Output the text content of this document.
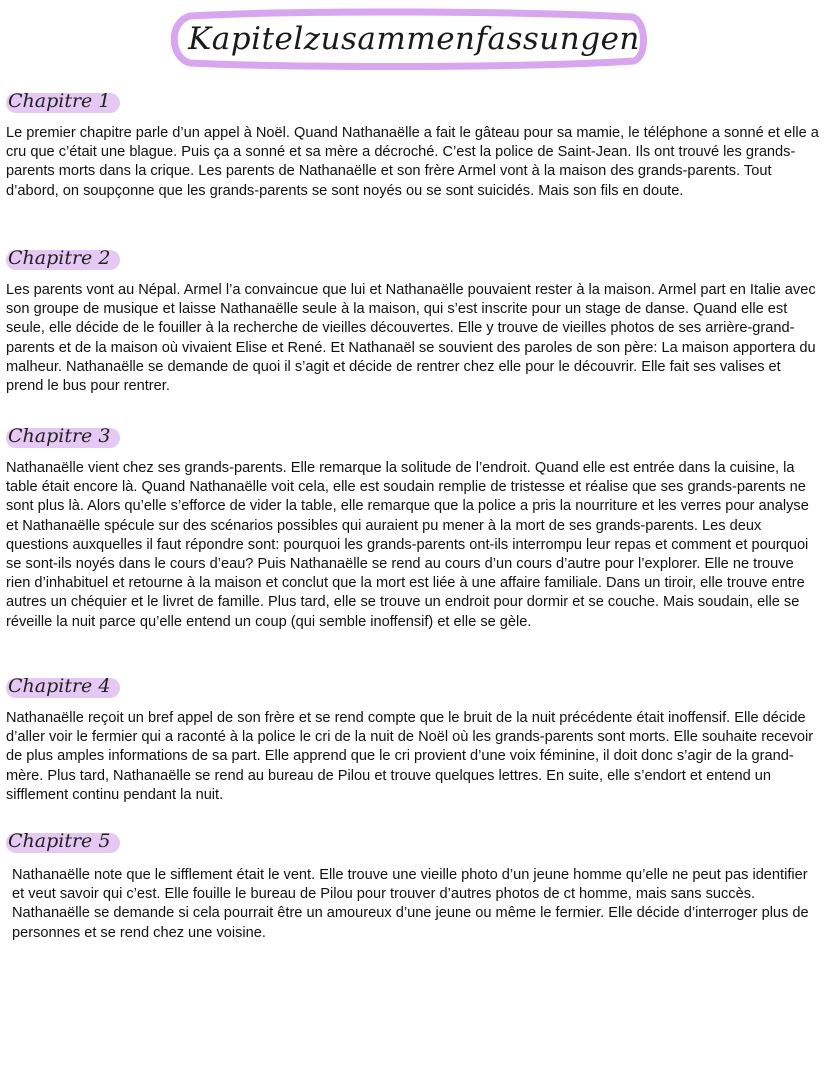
Kapitelzusammenfassungen
Chapitre 1

Le premier chapitre parle d’un appel à Noël. Quand Nathanaëlle a fait le gâteau pour sa mamie, le téléphone a sonné et elle a cru que c’était une blague. Puis ça a sonné et sa mère a décroché. C’est la police de Saint-Jean. Ils ont trouvé les grands-parents morts dans la crique. Les parents de Nathanaëlle et son frère Armel vont à la maison des grands-parents. Tout d’abord, on soupçonne que les grands-parents se sont noyés ou se sont suicidés. Mais son fils en doute.

Chapitre 2

Les parents vont au Népal. Armel l’a convaincue que lui et Nathanaëlle pouvaient rester à la maison. Armel part en Italie avec son groupe de musique et laisse Nathanaëlle seule à la maison, qui s’est inscrite pour un stage de danse. Quand elle est seule, elle décide de le fouiller à la recherche de vieilles découvertes. Elle y trouve de vieilles photos de ses arrière-grand-parents et de la maison où vivaient Elise et René. Et Nathanaël se souvient des paroles de son père: La maison apportera du malheur. Nathanaëlle se demande de quoi il s’agit et décide de rentrer chez elle pour le découvrir. Elle fait ses valises et prend le bus pour rentrer.

Chapitre 3

Nathanaëlle vient chez ses grands-parents. Elle remarque la solitude de l’endroit. Quand elle est entrée dans la cuisine, la table était encore là. Quand Nathanaëlle voit cela, elle est soudain remplie de tristesse et réalise que ses grands-parents ne sont plus là. Alors qu’elle s’efforce de vider la table, elle remarque que la police a pris la nourriture et les verres pour analyse et Nathanaëlle spécule sur des scénarios possibles qui auraient pu mener à la mort de ses grands-parents. Les deux questions auxquelles il faut répondre sont: pourquoi les grands-parents ont-ils interrompu leur repas et comment et pourquoi se sont-ils noyés dans le cours d’eau? Puis Nathanaëlle se rend au cours d’un cours d’autre pour l’explorer. Elle ne trouve rien d’inhabituel et retourne à la maison et conclut que la mort est liée à une affaire familiale. Dans un tiroir, elle trouve entre autres un chéquier et le livret de famille. Plus tard, elle se trouve un endroit pour dormir et se couche. Mais soudain, elle se réveille la nuit parce qu’elle entend un coup (qui semble inoffensif) et elle se gèle.

Chapitre 4

Nathanaëlle reçoit un bref appel de son frère et se rend compte que le bruit de la nuit précédente était inoffensif. Elle décide d’aller voir le fermier qui a raconté à la police le cri de la nuit de Noël où les grands-parents sont morts. Elle souhaite recevoir de plus amples informations de sa part. Elle apprend que le cri provient d’une voix féminine, il doit donc s’agir de la grand-mère. Plus tard, Nathanaëlle se rend au bureau de Pilou et trouve quelques lettres. En suite, elle s’endort et entend un sifflement continu pendant la nuit.

Chapitre 5

Nathanaëlle note que le sifflement était le vent. Elle trouve une vieille photo d’un jeune homme qu’elle ne peut pas identifier et veut savoir qui c’est. Elle fouille le bureau de Pilou pour trouver d’autres photos de ct homme, mais sans succès. Nathanaëlle se demande si cela pourrait être un amoureux d’une jeune ou même le fermier. Elle décide d’interroger plus de personnes et se rend chez une voisine.
